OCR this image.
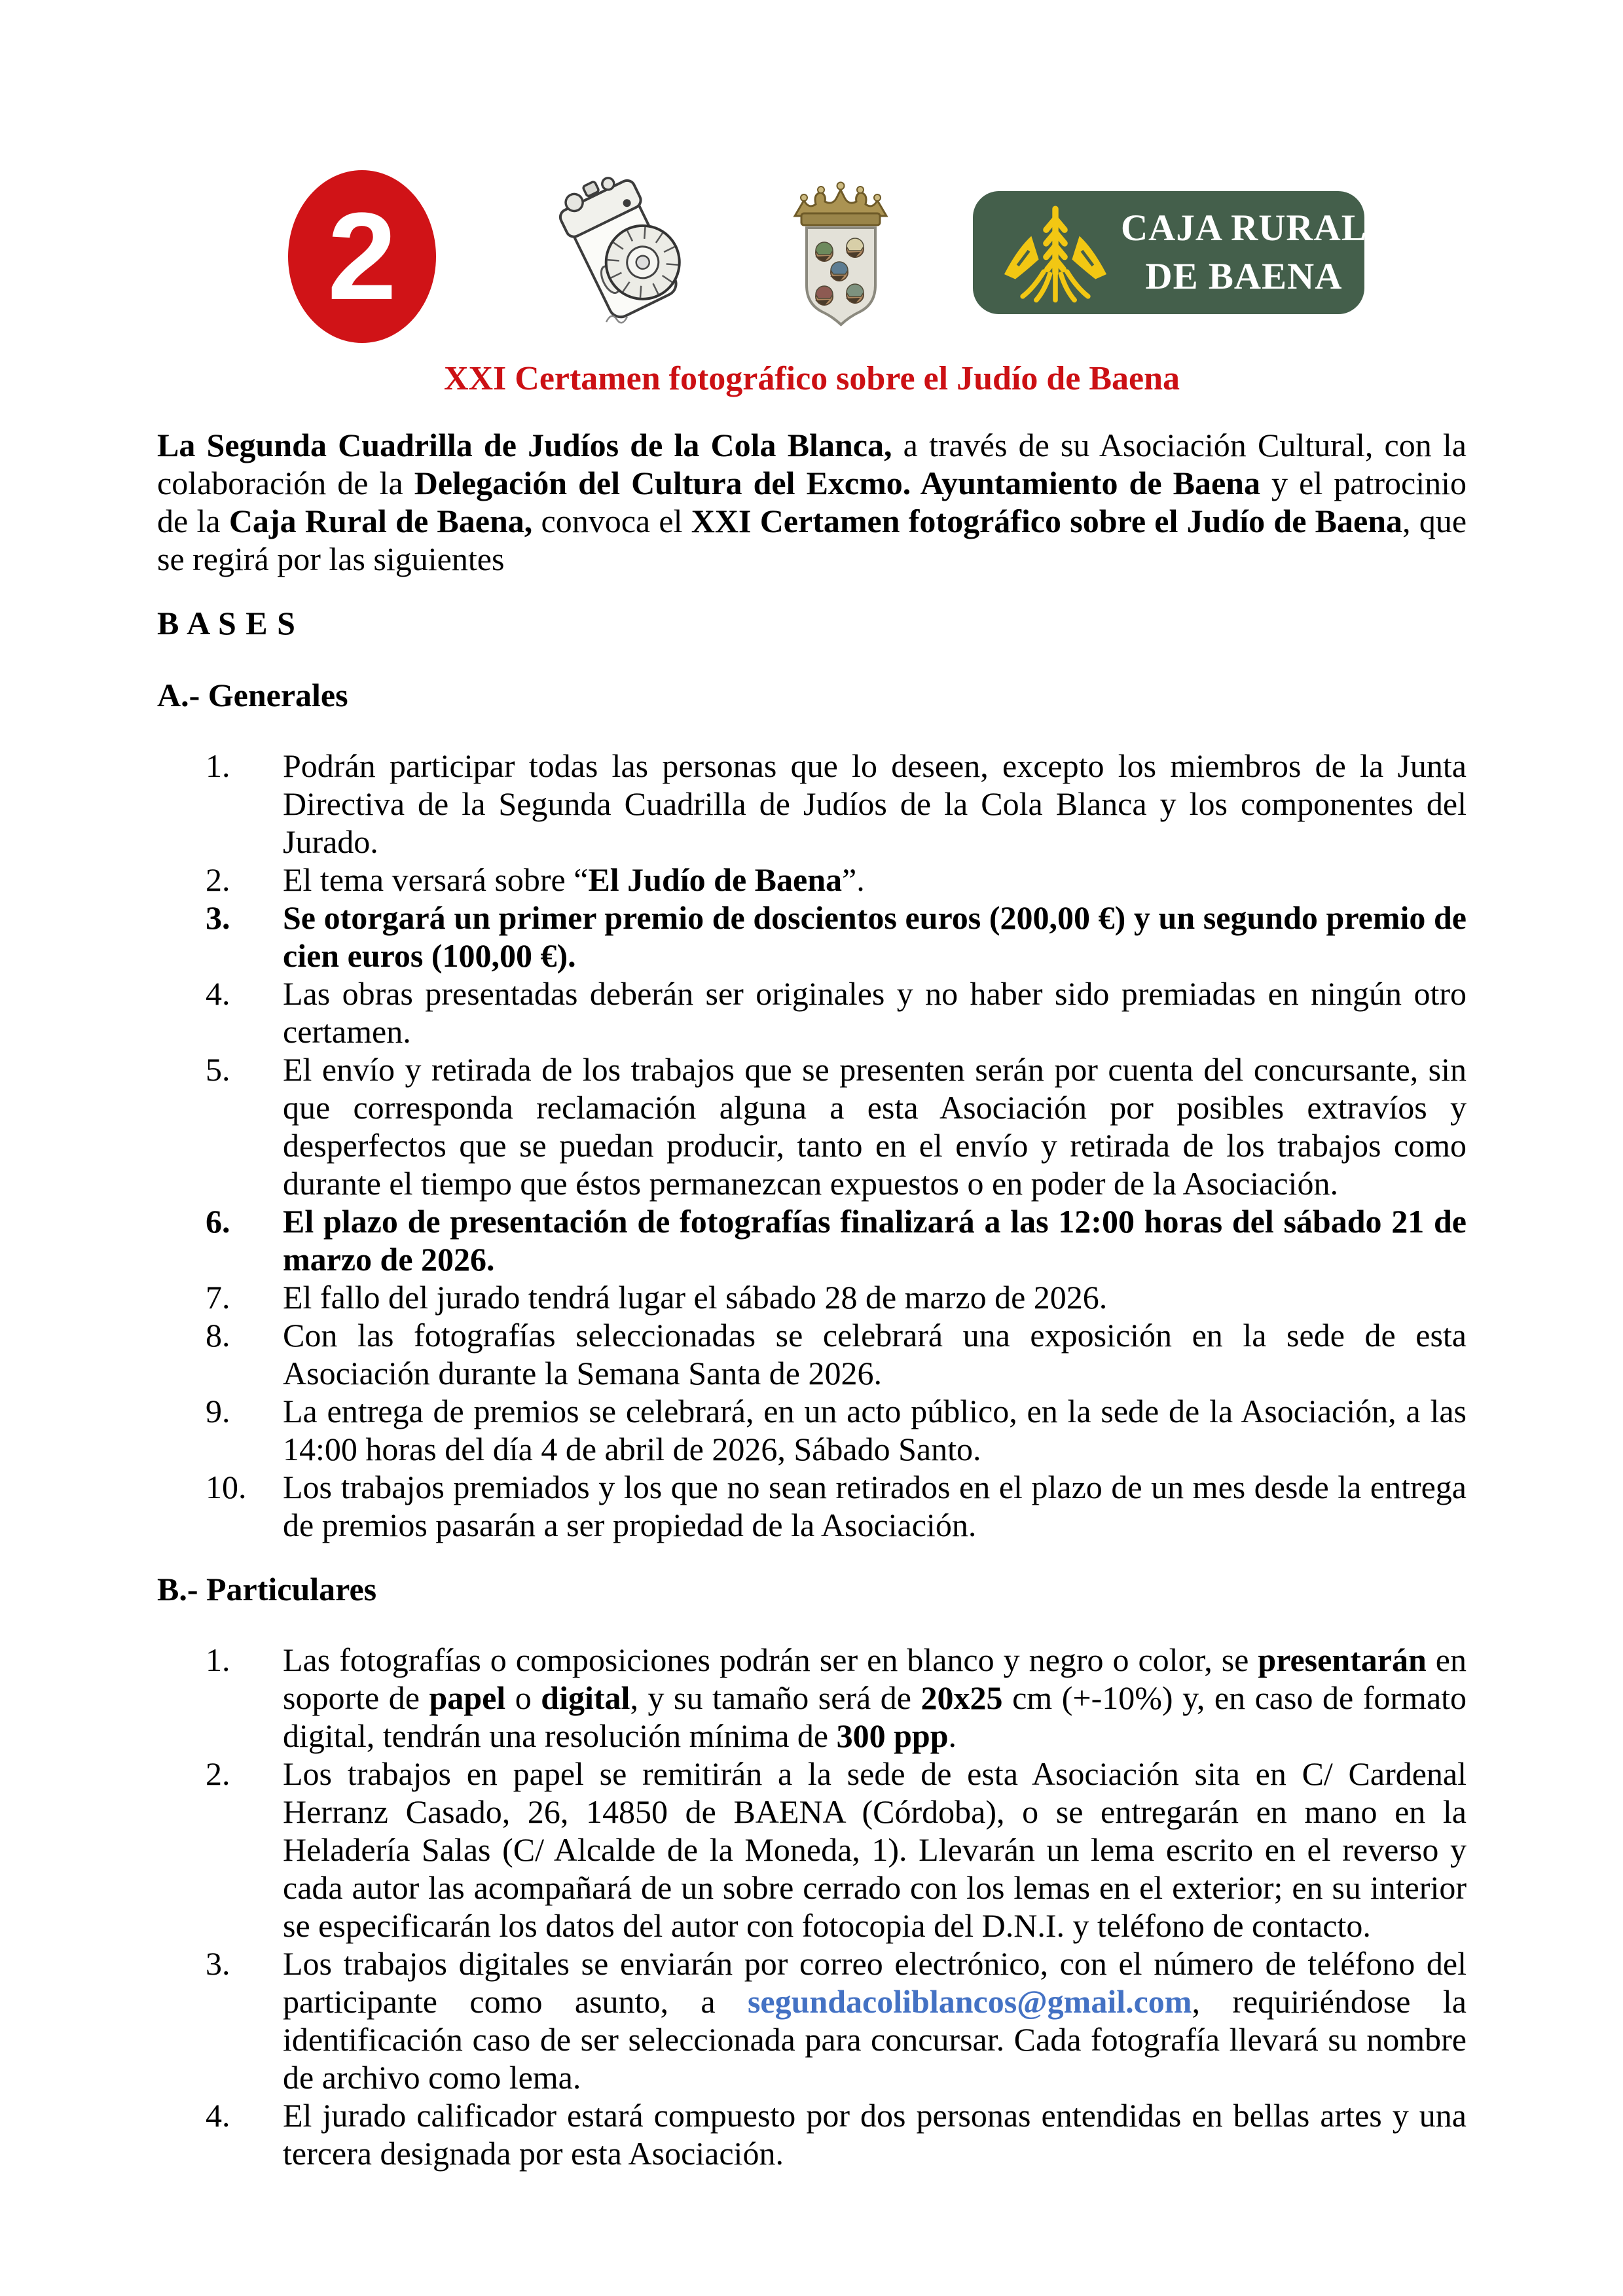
2	CAJA RURAL
DE BAENA
XXI Certamen fotográfico sobre el Judío de Baena

La Segunda Cuadrilla de Judíos de la Cola Blanca, a través de su Asociación Cultural, con la colaboración de la Delegación del Cultura del Excmo. Ayuntamiento de Baena y el patrocinio de la Caja Rural de Baena, convoca el XXI Certamen fotográfico sobre el Judío de Baena, que se regirá por las siguientes

B A S E S
A.- Generales
1. Podrán participar todas las personas que lo deseen, excepto los miembros de la Junta Directiva de la Segunda Cuadrilla de Judíos de la Cola Blanca y los componentes del Jurado.
2. El tema versará sobre “El Judío de Baena”.
3. Se otorgará un primer premio de doscientos euros (200,00 €) y un segundo premio de cien euros (100,00 €).
4. Las obras presentadas deberán ser originales y no haber sido premiadas en ningún otro certamen.
5. El envío y retirada de los trabajos que se presenten serán por cuenta del concursante, sin que corresponda reclamación alguna a esta Asociación por posibles extravíos y desperfectos que se puedan producir, tanto en el envío y retirada de los trabajos como durante el tiempo que éstos permanezcan expuestos o en poder de la Asociación.
6. El plazo de presentación de fotografías finalizará a las 12:00 horas del sábado 21 de marzo de 2026.
7. El fallo del jurado tendrá lugar el sábado 28 de marzo de 2026.
8. Con las fotografías seleccionadas se celebrará una exposición en la sede de esta Asociación durante la Semana Santa de 2026.
9. La entrega de premios se celebrará, en un acto público, en la sede de la Asociación, a las 14:00 horas del día 4 de abril de 2026, Sábado Santo.
10. Los trabajos premiados y los que no sean retirados en el plazo de un mes desde la entrega de premios pasarán a ser propiedad de la Asociación.
B.- Particulares
1. Las fotografías o composiciones podrán ser en blanco y negro o color, se presentarán en soporte de papel o digital, y su tamaño será de 20x25 cm (+-10%) y, en caso de formato digital, tendrán una resolución mínima de 300 ppp.
2. Los trabajos en papel se remitirán a la sede de esta Asociación sita en C/ Cardenal Herranz Casado, 26, 14850 de BAENA (Córdoba), o se entregarán en mano en la Heladería Salas (C/ Alcalde de la Moneda, 1). Llevarán un lema escrito en el reverso y cada autor las acompañará de un sobre cerrado con los lemas en el exterior; en su interior se especificarán los datos del autor con fotocopia del D.N.I. y teléfono de contacto.
3. Los trabajos digitales se enviarán por correo electrónico, con el número de teléfono del participante como asunto, a segundacoliblancos@gmail.com, requiriéndose la identificación caso de ser seleccionada para concursar. Cada fotografía llevará su nombre de archivo como lema.
4. El jurado calificador estará compuesto por dos personas entendidas en bellas artes y una tercera designada por esta Asociación.
